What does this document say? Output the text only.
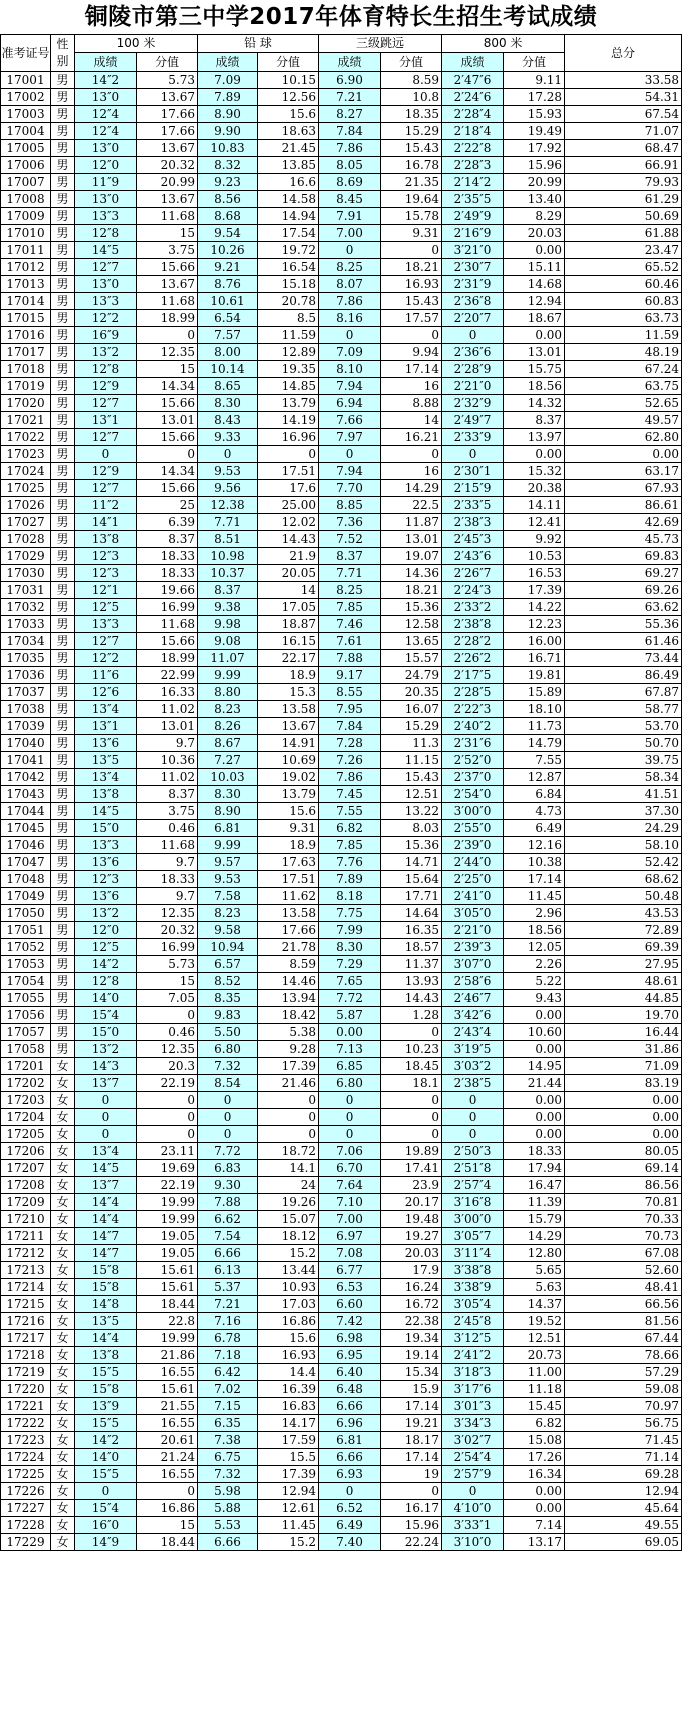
铜陵市第三中学2017年体育特长生招生考试成绩
准考证号	性别	100 米		铅 球		三级跳远		800 米		总分
		成绩	分值	成绩	分值	成绩	分值	成绩	分值	
17001	男	14″2	5.73	7.09	10.15	6.90	8.59	2′47″6	9.11	33.58
17002	男	13″0	13.67	7.89	12.56	7.21	10.8	2′24″6	17.28	54.31
17003	男	12″4	17.66	8.90	15.6	8.27	18.35	2′28″4	15.93	67.54
17004	男	12″4	17.66	9.90	18.63	7.84	15.29	2′18″4	19.49	71.07
17005	男	13″0	13.67	10.83	21.45	7.86	15.43	2′22″8	17.92	68.47
17006	男	12″0	20.32	8.32	13.85	8.05	16.78	2′28″3	15.96	66.91
17007	男	11″9	20.99	9.23	16.6	8.69	21.35	2′14″2	20.99	79.93
17008	男	13″0	13.67	8.56	14.58	8.45	19.64	2′35″5	13.40	61.29
17009	男	13″3	11.68	8.68	14.94	7.91	15.78	2′49″9	8.29	50.69
17010	男	12″8	15	9.54	17.54	7.00	9.31	2′16″9	20.03	61.88
17011	男	14″5	3.75	10.26	19.72	0	0	3′21″0	0.00	23.47
17012	男	12″7	15.66	9.21	16.54	8.25	18.21	2′30″7	15.11	65.52
17013	男	13″0	13.67	8.76	15.18	8.07	16.93	2′31″9	14.68	60.46
17014	男	13″3	11.68	10.61	20.78	7.86	15.43	2′36″8	12.94	60.83
17015	男	12″2	18.99	6.54	8.5	8.16	17.57	2′20″7	18.67	63.73
17016	男	16″9	0	7.57	11.59	0	0	0	0.00	11.59
17017	男	13″2	12.35	8.00	12.89	7.09	9.94	2′36″6	13.01	48.19
17018	男	12″8	15	10.14	19.35	8.10	17.14	2′28″9	15.75	67.24
17019	男	12″9	14.34	8.65	14.85	7.94	16	2′21″0	18.56	63.75
17020	男	12″7	15.66	8.30	13.79	6.94	8.88	2′32″9	14.32	52.65
17021	男	13″1	13.01	8.43	14.19	7.66	14	2′49″7	8.37	49.57
17022	男	12″7	15.66	9.33	16.96	7.97	16.21	2′33″9	13.97	62.80
17023	男	0	0	0	0	0	0	0	0.00	0.00
17024	男	12″9	14.34	9.53	17.51	7.94	16	2′30″1	15.32	63.17
17025	男	12″7	15.66	9.56	17.6	7.70	14.29	2′15″9	20.38	67.93
17026	男	11″2	25	12.38	25.00	8.85	22.5	2′33″5	14.11	86.61
17027	男	14″1	6.39	7.71	12.02	7.36	11.87	2′38″3	12.41	42.69
17028	男	13″8	8.37	8.51	14.43	7.52	13.01	2′45″3	9.92	45.73
17029	男	12″3	18.33	10.98	21.9	8.37	19.07	2′43″6	10.53	69.83
17030	男	12″3	18.33	10.37	20.05	7.71	14.36	2′26″7	16.53	69.27
17031	男	12″1	19.66	8.37	14	8.25	18.21	2′24″3	17.39	69.26
17032	男	12″5	16.99	9.38	17.05	7.85	15.36	2′33″2	14.22	63.62
17033	男	13″3	11.68	9.98	18.87	7.46	12.58	2′38″8	12.23	55.36
17034	男	12″7	15.66	9.08	16.15	7.61	13.65	2′28″2	16.00	61.46
17035	男	12″2	18.99	11.07	22.17	7.88	15.57	2′26″2	16.71	73.44
17036	男	11″6	22.99	9.99	18.9	9.17	24.79	2′17″5	19.81	86.49
17037	男	12″6	16.33	8.80	15.3	8.55	20.35	2′28″5	15.89	67.87
17038	男	13″4	11.02	8.23	13.58	7.95	16.07	2′22″3	18.10	58.77
17039	男	13″1	13.01	8.26	13.67	7.84	15.29	2′40″2	11.73	53.70
17040	男	13″6	9.7	8.67	14.91	7.28	11.3	2′31″6	14.79	50.70
17041	男	13″5	10.36	7.27	10.69	7.26	11.15	2′52″0	7.55	39.75
17042	男	13″4	11.02	10.03	19.02	7.86	15.43	2′37″0	12.87	58.34
17043	男	13″8	8.37	8.30	13.79	7.45	12.51	2′54″0	6.84	41.51
17044	男	14″5	3.75	8.90	15.6	7.55	13.22	3′00″0	4.73	37.30
17045	男	15″0	0.46	6.81	9.31	6.82	8.03	2′55″0	6.49	24.29
17046	男	13″3	11.68	9.99	18.9	7.85	15.36	2′39″0	12.16	58.10
17047	男	13″6	9.7	9.57	17.63	7.76	14.71	2′44″0	10.38	52.42
17048	男	12″3	18.33	9.53	17.51	7.89	15.64	2′25″0	17.14	68.62
17049	男	13″6	9.7	7.58	11.62	8.18	17.71	2′41″0	11.45	50.48
17050	男	13″2	12.35	8.23	13.58	7.75	14.64	3′05″0	2.96	43.53
17051	男	12″0	20.32	9.58	17.66	7.99	16.35	2′21″0	18.56	72.89
17052	男	12″5	16.99	10.94	21.78	8.30	18.57	2′39″3	12.05	69.39
17053	男	14″2	5.73	6.57	8.59	7.29	11.37	3′07″0	2.26	27.95
17054	男	12″8	15	8.52	14.46	7.65	13.93	2′58″6	5.22	48.61
17055	男	14″0	7.05	8.35	13.94	7.72	14.43	2′46″7	9.43	44.85
17056	男	15″4	0	9.83	18.42	5.87	1.28	3′42″6	0.00	19.70
17057	男	15″0	0.46	5.50	5.38	0.00	0	2′43″4	10.60	16.44
17058	男	13″2	12.35	6.80	9.28	7.13	10.23	3′19″5	0.00	31.86
17201	女	14″3	20.3	7.32	17.39	6.85	18.45	3′03″2	14.95	71.09
17202	女	13″7	22.19	8.54	21.46	6.80	18.1	2′38″5	21.44	83.19
17203	女	0	0	0	0	0	0	0	0.00	0.00
17204	女	0	0	0	0	0	0	0	0.00	0.00
17205	女	0	0	0	0	0	0	0	0.00	0.00
17206	女	13″4	23.11	7.72	18.72	7.06	19.89	2′50″3	18.33	80.05
17207	女	14″5	19.69	6.83	14.1	6.70	17.41	2′51″8	17.94	69.14
17208	女	13″7	22.19	9.30	24	7.64	23.9	2′57″4	16.47	86.56
17209	女	14″4	19.99	7.88	19.26	7.10	20.17	3′16″8	11.39	70.81
17210	女	14″4	19.99	6.62	15.07	7.00	19.48	3′00″0	15.79	70.33
17211	女	14″7	19.05	7.54	18.12	6.97	19.27	3′05″7	14.29	70.73
17212	女	14″7	19.05	6.66	15.2	7.08	20.03	3′11″4	12.80	67.08
17213	女	15″8	15.61	6.13	13.44	6.77	17.9	3′38″8	5.65	52.60
17214	女	15″8	15.61	5.37	10.93	6.53	16.24	3′38″9	5.63	48.41
17215	女	14″8	18.44	7.21	17.03	6.60	16.72	3′05″4	14.37	66.56
17216	女	13″5	22.8	7.16	16.86	7.42	22.38	2′45″8	19.52	81.56
17217	女	14″4	19.99	6.78	15.6	6.98	19.34	3′12″5	12.51	67.44
17218	女	13″8	21.86	7.18	16.93	6.95	19.14	2′41″2	20.73	78.66
17219	女	15″5	16.55	6.42	14.4	6.40	15.34	3′18″3	11.00	57.29
17220	女	15″8	15.61	7.02	16.39	6.48	15.9	3′17″6	11.18	59.08
17221	女	13″9	21.55	7.15	16.83	6.66	17.14	3′01″3	15.45	70.97
17222	女	15″5	16.55	6.35	14.17	6.96	19.21	3′34″3	6.82	56.75
17223	女	14″2	20.61	7.38	17.59	6.81	18.17	3′02″7	15.08	71.45
17224	女	14″0	21.24	6.75	15.5	6.66	17.14	2′54″4	17.26	71.14
17225	女	15″5	16.55	7.32	17.39	6.93	19	2′57″9	16.34	69.28
17226	女	0	0	5.98	12.94	0	0	0	0.00	12.94
17227	女	15″4	16.86	5.88	12.61	6.52	16.17	4′10″0	0.00	45.64
17228	女	16″0	15	5.53	11.45	6.49	15.96	3′33″1	7.14	49.55
17229	女	14″9	18.44	6.66	15.2	7.40	22.24	3′10″0	13.17	69.05
